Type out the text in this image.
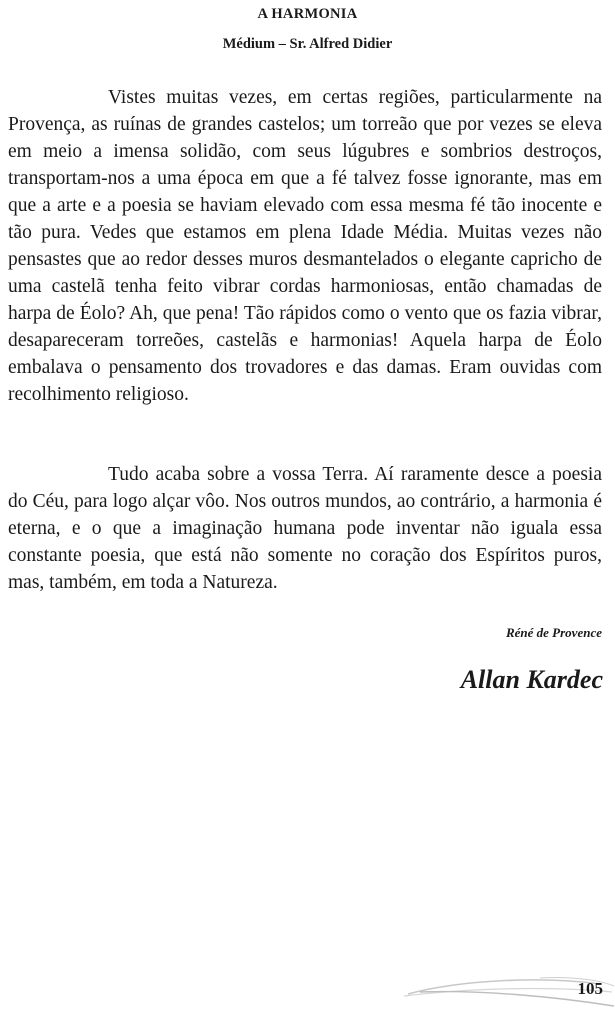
A HARMONIA
Médium – Sr. Alfred Didier

Vistes muitas vezes, em certas regiões, particularmente na Provença, as ruínas de grandes castelos; um torreão que por vezes se eleva em meio a imensa solidão, com seus lúgubres e sombrios destroços, transportam-nos a uma época em que a fé talvez fosse ignorante, mas em que a arte e a poesia se haviam elevado com essa mesma fé tão inocente e tão pura. Vedes que estamos em plena Idade Média. Muitas vezes não pensastes que ao redor desses muros desmantelados o elegante capricho de uma castelã tenha feito vibrar cordas harmoniosas, então chamadas de harpa de Éolo? Ah, que pena! Tão rápidos como o vento que os fazia vibrar, desapareceram torreões, castelãs e harmonias! Aquela harpa de Éolo embalava o pensamento dos trovadores e das damas. Eram ouvidas com recolhimento religioso.

Tudo acaba sobre a vossa Terra. Aí raramente desce a poesia do Céu, para logo alçar vôo. Nos outros mundos, ao contrário, a harmonia é eterna, e o que a imaginação humana pode inventar não iguala essa constante poesia, que está não somente no coração dos Espíritos puros, mas, também, em toda a Natureza.

Réné de Provence
Allan Kardec
105
